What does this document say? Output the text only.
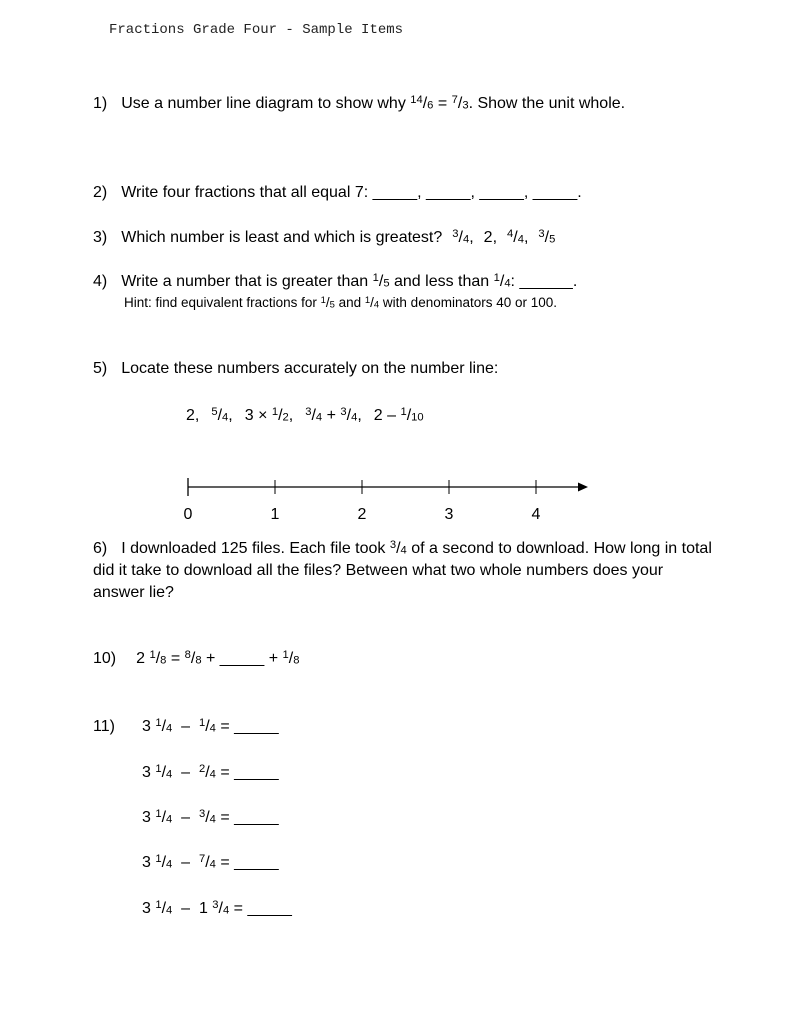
Fractions Grade Four - Sample Items
1) Use a number line diagram to show why $^{14}/_6 = ^7/_3$. Show the unit whole.
2) Write four fractions that all equal 7: _____, _____, _____, _____.
3) Which number is least and which is greatest? $^3/_4$, 2, $^4/_4$, $^3/_5$
4) Write a number that is greater than $^1/_5$ and less than $^1/_4$: ______.
Hint: find equivalent fractions for $^1/_5$ and $^1/_4$ with denominators 40 or 100.
5) Locate these numbers accurately on the number line:
2, $^5/_4$, $3 \times ^1/_2$, $^3/_4 + ^3/_4$, $2 - ^1/_{10}$
0	1	2	3	4
6) I downloaded 125 files. Each file took $^3/_4$ of a second to download. How long in total did it take to download all the files? Between what two whole numbers does your answer lie?
10) 2 $^1/_8 = ^8/_8$ + _____ + $^1/_8$
11) 3 $^1/_4 - ^1/_4$ = _____
3 $^1/_4 - ^2/_4$ = _____
3 $^1/_4 - ^3/_4$ = _____
3 $^1/_4 - ^7/_4$ = _____
3 $^1/_4 - 1$ $^3/_4$ = _____
